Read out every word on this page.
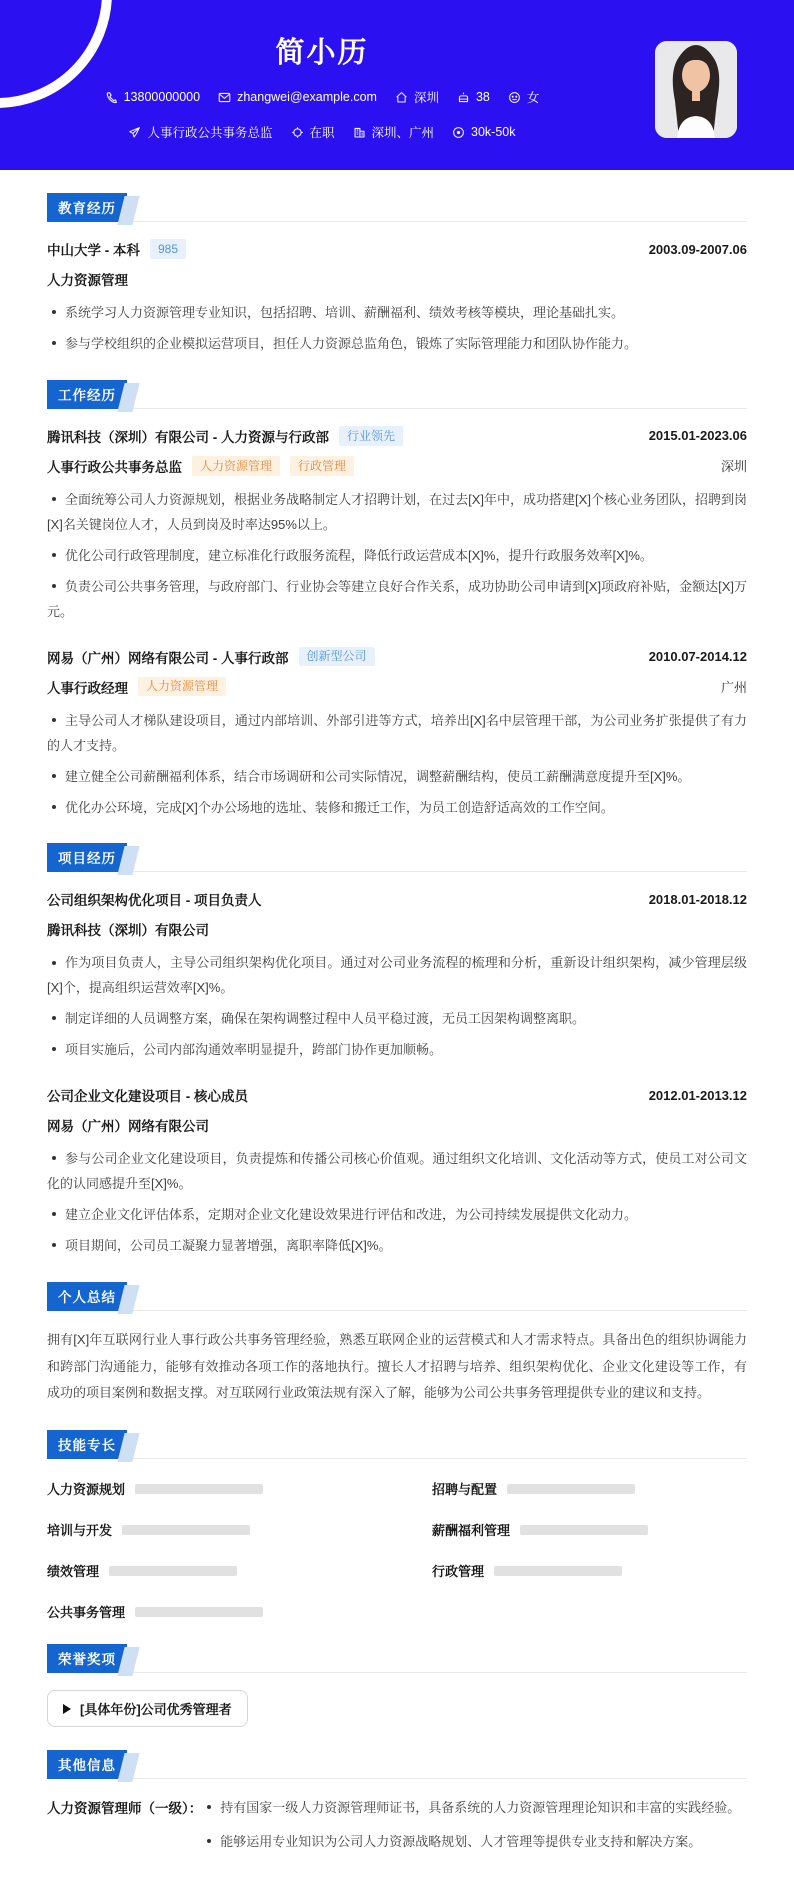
简小历
13800000000	zhangwei@example.com	深圳	38	女
人事行政公共事务总监	在职	深圳、广州	30k-50k
教育经历
中山大学 - 本科	985	2003.09-2007.06
人力资源管理
系统学习人力资源管理专业知识，包括招聘、培训、薪酬福利、绩效考核等模块，理论基础扎实。
参与学校组织的企业模拟运营项目，担任人力资源总监角色，锻炼了实际管理能力和团队协作能力。
工作经历
腾讯科技（深圳）有限公司 - 人力资源与行政部	行业领先	2015.01-2023.06
人事行政公共事务总监	人力资源管理	行政管理	深圳
全面统筹公司人力资源规划，根据业务战略制定人才招聘计划，在过去[X]年中，成功搭建[X]个核心业务团队，招聘到岗[X]名关键岗位人才，人员到岗及时率达95%以上。
优化公司行政管理制度，建立标准化行政服务流程，降低行政运营成本[X]%，提升行政服务效率[X]%。
负责公司公共事务管理，与政府部门、行业协会等建立良好合作关系，成功协助公司申请到[X]项政府补贴，金额达[X]万元。
网易（广州）网络有限公司 - 人事行政部	创新型公司	2010.07-2014.12
人事行政经理	人力资源管理	广州
主导公司人才梯队建设项目，通过内部培训、外部引进等方式，培养出[X]名中层管理干部，为公司业务扩张提供了有力的人才支持。
建立健全公司薪酬福利体系，结合市场调研和公司实际情况，调整薪酬结构，使员工薪酬满意度提升至[X]%。
优化办公环境，完成[X]个办公场地的选址、装修和搬迁工作，为员工创造舒适高效的工作空间。
项目经历
公司组织架构优化项目 - 项目负责人	2018.01-2018.12
腾讯科技（深圳）有限公司
作为项目负责人，主导公司组织架构优化项目。通过对公司业务流程的梳理和分析，重新设计组织架构，减少管理层级[X]个，提高组织运营效率[X]%。
制定详细的人员调整方案，确保在架构调整过程中人员平稳过渡，无员工因架构调整离职。
项目实施后，公司内部沟通效率明显提升，跨部门协作更加顺畅。
公司企业文化建设项目 - 核心成员	2012.01-2013.12
网易（广州）网络有限公司
参与公司企业文化建设项目，负责提炼和传播公司核心价值观。通过组织文化培训、文化活动等方式，使员工对公司文化的认同感提升至[X]%。
建立企业文化评估体系，定期对企业文化建设效果进行评估和改进，为公司持续发展提供文化动力。
项目期间，公司员工凝聚力显著增强，离职率降低[X]%。
个人总结
拥有[X]年互联网行业人事行政公共事务管理经验，熟悉互联网企业的运营模式和人才需求特点。具备出色的组织协调能力和跨部门沟通能力，能够有效推动各项工作的落地执行。擅长人才招聘与培养、组织架构优化、企业文化建设等工作，有成功的项目案例和数据支撑。对互联网行业政策法规有深入了解，能够为公司公共事务管理提供专业的建议和支持。
技能专长
人力资源规划	招聘与配置
培训与开发	薪酬福利管理
绩效管理	行政管理
公共事务管理
荣誉奖项
[具体年份]公司优秀管理者
其他信息
人力资源管理师（一级）：	持有国家一级人力资源管理师证书，具备系统的人力资源管理理论知识和丰富的实践经验。
能够运用专业知识为公司人力资源战略规划、人才管理等提供专业支持和解决方案。
